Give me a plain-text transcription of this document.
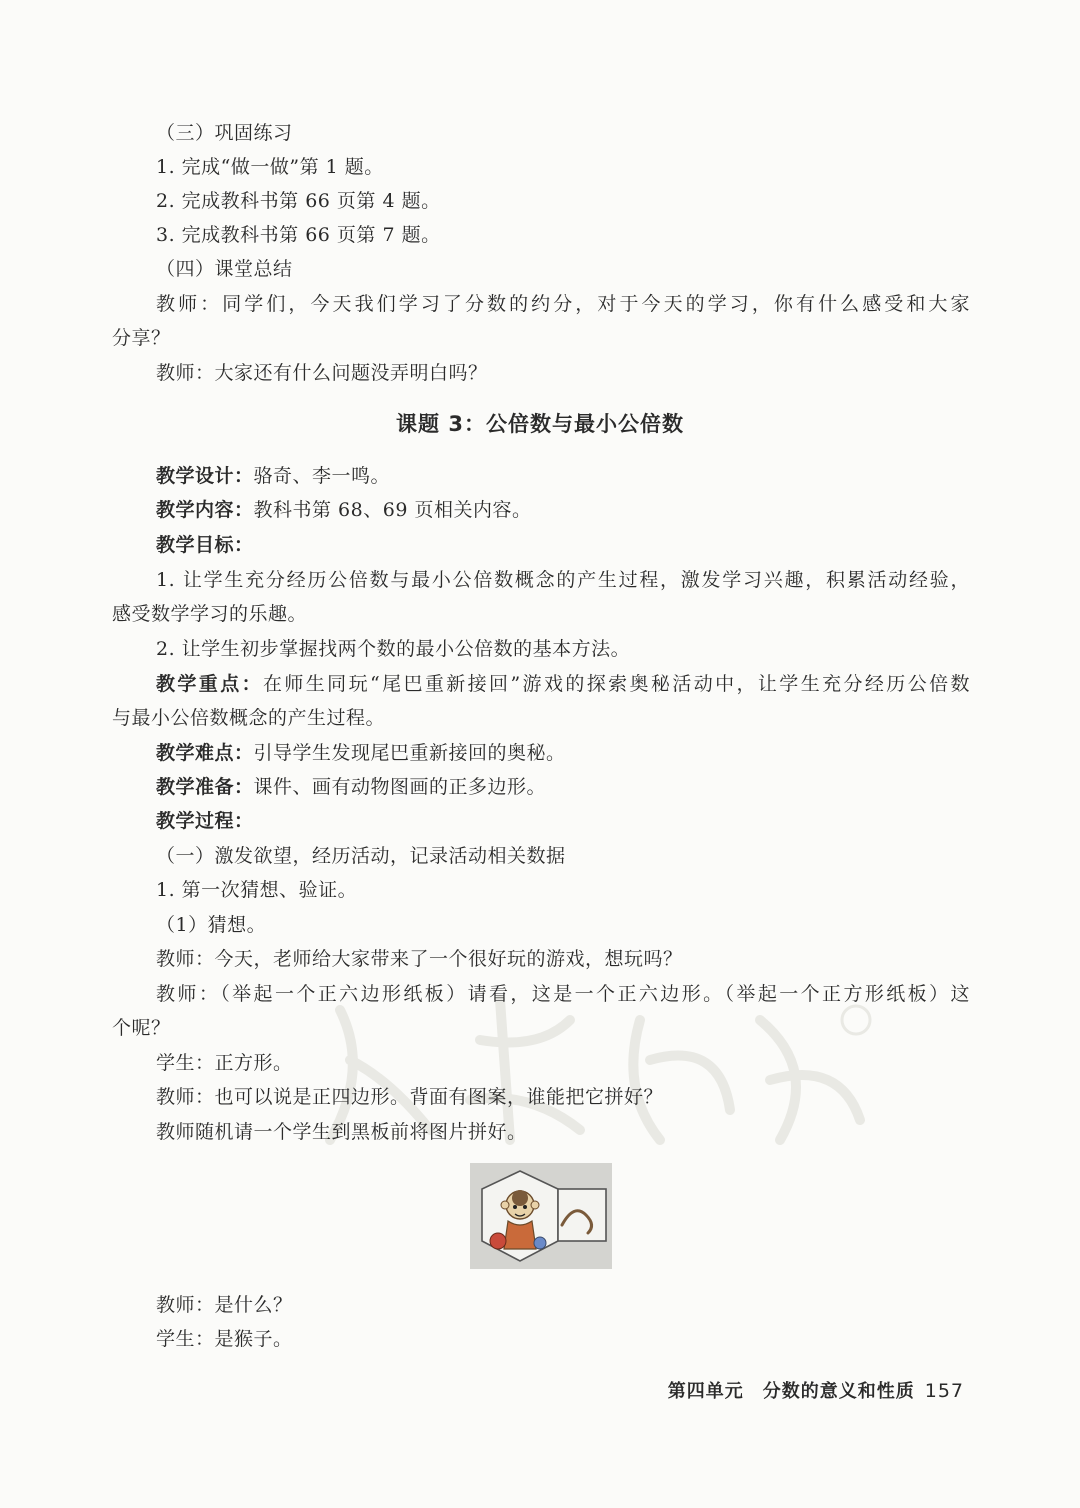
（三）巩固练习
1. 完成“做一做”第 1 题。
2. 完成教科书第 66 页第 4 题。
3. 完成教科书第 66 页第 7 题。
（四）课堂总结
教师：同学们，今天我们学习了分数的约分，对于今天的学习，你有什么感受和大家
分享？
教师：大家还有什么问题没弄明白吗？
课题 3：公倍数与最小公倍数
教学设计：骆奇、李一鸣。
教学内容：教科书第 68、69 页相关内容。
教学目标：
1. 让学生充分经历公倍数与最小公倍数概念的产生过程，激发学习兴趣，积累活动经验，
感受数学学习的乐趣。
2. 让学生初步掌握找两个数的最小公倍数的基本方法。
教学重点：在师生同玩“尾巴重新接回”游戏的探索奥秘活动中，让学生充分经历公倍数
与最小公倍数概念的产生过程。
教学难点：引导学生发现尾巴重新接回的奥秘。
教学准备：课件、画有动物图画的正多边形。
教学过程：
（一）激发欲望，经历活动，记录活动相关数据
1. 第一次猜想、验证。
（1）猜想。
教师：今天，老师给大家带来了一个很好玩的游戏，想玩吗？
教师：（举起一个正六边形纸板）请看，这是一个正六边形。（举起一个正方形纸板）这
个呢？
学生：正方形。
教师：也可以说是正四边形。背面有图案，谁能把它拼好？
教师随机请一个学生到黑板前将图片拼好。
教师：是什么？
学生：是猴子。
第四单元　分数的意义和性质 157
